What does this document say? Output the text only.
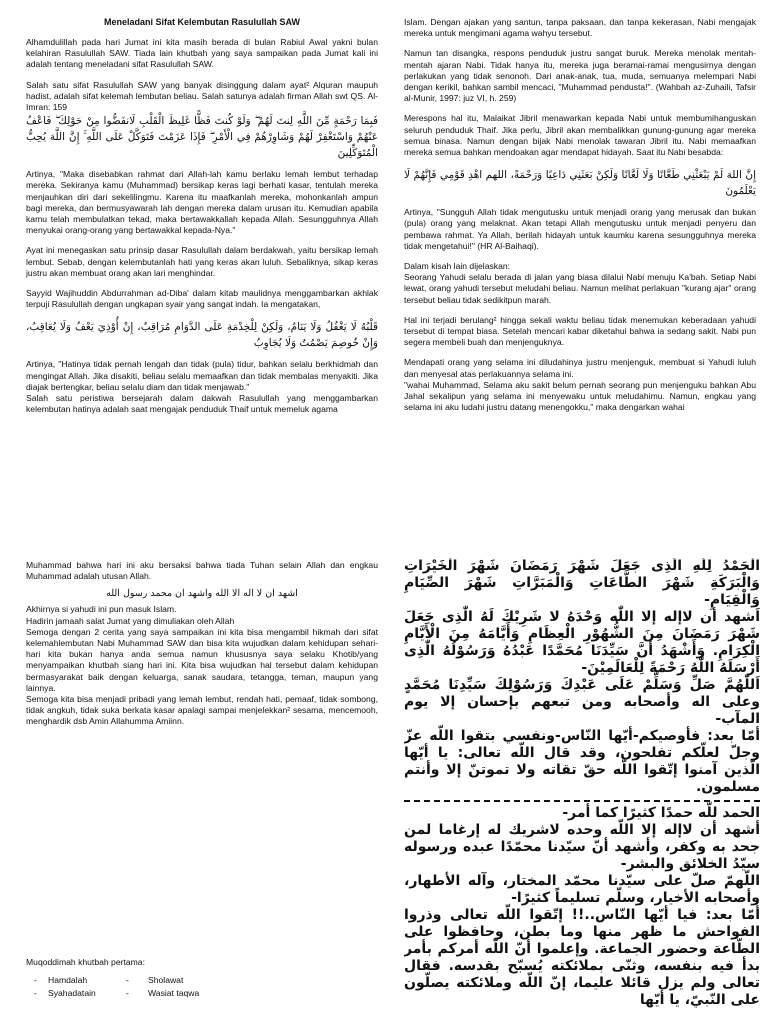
Meneladani Sifat Kelembutan Rasulullah SAW

Alhamdulillah pada hari Jumat ini kita masih berada di bulan Rabiul Awal yakni bulan kelahiran Rasulullah SAW. Tiada lain khutbah yang saya sampaikan pada Jumat kali ini adalah tentang meneladani sifat Rasulullah SAW.

Salah satu sifat Rasulullah SAW yang banyak disinggung dalam ayat² Alquran maupuh hadist, adalah sifat kelemah lembutan beliau. Salah satunya adalah firman Allah swt QS. Al-Imran: 159

فَبِمَا رَحْمَةٍ مِّنَ اللَّهِ لِنتَ لَهُمْ ۖ وَلَوْ كُنتَ فَظًّا غَلِيظَ الْقَلْبِ لَانفَضُّوا مِنْ حَوْلِكَ ۖ فَاعْفُ عَنْهُمْ وَاسْتَغْفِرْ لَهُمْ وَشَاوِرْهُمْ فِي الْأَمْرِ ۖ فَإِذَا عَزَمْتَ فَتَوَكَّلْ عَلَى اللَّهِ ۚ إِنَّ اللَّهَ يُحِبُّ الْمُتَوَكِّلِينَ

Artinya, "Maka disebabkan rahmat dari Allah-lah kamu berlaku lemah lembut terhadap mereka. Sekiranya kamu (Muhammad) bersikap keras lagi berhati kasar, tentulah mereka menjauhkan diri dari sekelilingmu. Karena itu maafkanlah mereka, mohonkanlah ampun bagi mereka, dan bermusyawarah lah dengan mereka dalam urusan itu. Kemudian apabila kamu telah membulatkan tekad, maka bertawakkallah kepada Allah. Sesungguhnya Allah menyukai orang-orang yang bertawakkal kepada-Nya."

Ayat ini menegaskan satu prinsip dasar Rasulullah dalam berdakwah, yaitu bersikap lemah lembut. Sebab, dengan kelembutanlah hati yang keras akan luluh. Sebaliknya, sikap keras justru akan membuat orang akan lari menghindar.

Sayyid Wajihuddin Abdurrahman ad-Diba' dalam kitab maulidnya menggambarkan akhlak terpuji Rasulullah dengan ungkapan syair yang sangat indah. Ia mengatakan,

قَلْبُهُ لَا يَغْفُلُ وَلَا يَنَامُ، وَلَكِنْ لِلْخِدْمَةِ عَلَى الدَّوَامِ مُرَاقِبٌ، إِنْ أُوْذِيَ يَعْفُ وَلَا يُعَاقِبُ، وَإِنْ خُوصِمَ يَصْمُتُ وَلَا يُجَاوِبُ

Artinya, "Hatinya tidak pernah lengah dan tidak (pula) tidur, bahkan selalu berkhidmah dan mengingat Allah. Jika disakiti, beliau selalu memaafkan dan tidak membalas menyakiti. Jika diajak bertengkar, beliau selalu diam dan tidak menjawab."

Salah satu peristiwa bersejarah dalam dakwah Rasulullah yang menggambarkan kelembutan hatinya adalah saat mengajak penduduk Thaif untuk memeluk agama

Islam. Dengan ajakan yang santun, tanpa paksaan, dan tanpa kekerasan, Nabi mengajak mereka untuk mengimani agama wahyu tersebut.

Namun tan disangka, respons penduduk justru sangat buruk. Mereka menolak mentah-mentah ajaran Nabi. Tidak hanya itu, mereka juga beramai-ramai mengusirnya dengan perlakukan yang tidak senonoh. Dari anak-anak, tua, muda, semuanya melempari Nabi dengan kerikil, bahkan sambil mencaci, "Muhammad pendusta!". (Wahbah az-Zuhaili, Tafsir al-Munir, 1997: juz VI, h. 259)

Merespons hal itu, Malaikat Jibril menawarkan kepada Nabi untuk membumihanguskan seluruh penduduk Thaif. Jika perlu, Jibril akan membalikkan gunung-gunung agar mereka semua binasa. Namun dengan bijak Nabi menolak tawaran Jibril itu. Nabi memaafkan mereka semua bahkan mendoakan agar mendapat hidayah. Saat itu Nabi besabda:

إِنَّ اللهَ لَمْ يَبْعَثْنِي طَعَّانًا وَلَا لَعَّانًا وَلَكِنْ بَعَثَنِي دَاعِيًا وَرَحْمَةً، اللهم اهْدِ قَوْمِي فَإِنَّهُمْ لَا يَعْلَمُونَ

Artinya, "Sungguh Allah tidak mengutusku untuk menjadi orang yang merusak dan bukan (pula) orang yang melaknat. Akan tetapi Allah mengutusku untuk menjadi penyeru dan pembawa rahmat. Ya Allah, berilah hidayah untuk kaumku karena sesungguhnya mereka tidak mengetahui!" (HR Al-Baihaqi).

Dalam kisah lain dijelaskan:

Seorang Yahudi selalu berada di jalan yang biasa dilalui Nabi menuju Ka'bah. Setiap Nabi lewat, orang yahudi tersebut meludahi beliau. Namun melihat perlakuan "kurang ajar" orang tersebut beliau tidak sedikitpun marah.

Hal ini terjadi berulang² hingga sekali waktu beliau tidak menemukan keberadaan yahudi tersebut di tempat biasa. Setelah mencari kabar diketahui bahwa ia sedang sakit. Nabi pun segera membeli buah dan menjenguknya.

Mendapati orang yang selama ini diludahinya justru menjenguk, membuat si Yahudi luluh dan menyesal atas perlakuannya selama ini.

"wahai Muhammad, Selama aku sakit belum pernah seorang pun menjenguku bahkan Abu Jahal sekalipun yang selama ini menyewaku untuk meludahimu. Namun, engkau yang selama ini aku ludahi justru datang menengokku," maka dengarkan wahai

Muhammad bahwa hari ini aku bersaksi bahwa tiada Tuhan selain Allah dan engkau Muhammad adalah utusan Allah.

اشهد ان لا اله الا الله واشهد ان محمد رسول الله

Akhirnya si yahudi ini pun masuk Islam.

Hadirin jamaah salat Jumat yang dimuliakan oleh Allah

Semoga dengan 2 cerita yang saya sampaikan ini kita bisa mengambil hikmah dari sifat kelemahlembutan Nabi Muhammad SAW dan bisa kita wujudkan dalam kehidupan sehari-hari kita bukan hanya anda semua namun khususnya saya selaku Khotib/yang menyampaikan khutbah siang hari ini. Kita bisa wujudkan hal tersebut dalam kehidupan bermasyarakat baik dengan keluarga, sanak saudara, tetangga, teman, maupun yang lainnya.

Semoga kita bisa menjadi pribadi yang lemah lembut, rendah hati, pemaaf, tidak sombong, tidak angkuh, tidak suka berkata kasar apalagi sampai menjelekkan² sesama, mencemooh, menghardik dsb Amin Allahumma Amiinn.

Muqoddimah khutbah pertama:

-	Hamdalah	-	Sholawat
-	Syahadatain	-	Wasiat taqwa

الْحَمْدُ لِلّٰهِ الّٰذِى جَعَلَ شَهْرَ رَمَضَانَ شَهْرَ الْخَيْرَاتِ وَالْبَرَكَةِ شَهْرَ الطَّاعَاتِ وَالْمَبَرَّاتِ شَهْرَ الصِّيَامِ وَالْقِيَامِ-

اَشهد أن لاإله إلا اللّٰه وَحْدَهُ لا شَرِيْكَ لَهُ الّٰذِى جَعَلَ شَهْرَ رَمَضَانَ مِنَ الشُّهُوْرِ الْعِظَامِ وَأَيَّامَهُ مِنَ الْأَيَّامِ الْكِرَامِ. وَأَشْهَدُ أَنَّ سَيِّدَنَا مُحَمَّدًا عَبْدُهُ وَرَسُوْلُهُ الّٰذِى أَرْسَلَهُ اللّٰهُ رَحْمَةً لِلْعَالَمِيْنَ-

اَللّٰهُمَّ صَلِّ وَسَلِّمْ عَلَى عَبْدِكَ وَرَسُوْلِكَ سَيِّدِنَا مُحَمَّدٍ وعلى اله وأصحابه ومن تبعهم بإحسان إلا يوم المآب-

أمّا بعد: فأوصيكم-أيّها النّاس-ونفسي بتقوا اللّه عزّ وجلّ لعلّكم تفلحون، وقد قال اللّه تعالى: يا أيّها الّذين آمنوا إتّقوا اللّه حقّ تقاته ولا تموتنّ إلا وأنتم مسلمون.

الحمد للّه حمدًا كثيرًا كما أمر-

أشهد أن لاإله إلا اللّه وحده لاشريك له إرغاما لمن جحد به وكفر، وأشهد أنّ سيّدنا محمّدًا عبده ورسوله سيّدُ الخلائق والبشر-

اللّهمّ صلّ على سيّدنا محمّد المختار، وآله الأطهار، وأصحابه الأخيار، وسلّم تسليماً كثيرًا-

أمّا بعد: فيا أيّها النّاس..!! إتّقوا اللّه تعالى وذروا الفواحش ما ظهر منها وما بطن، وحافظوا على الطّاعة وحضور الجماعة. وإعلموا أنّ اللّه أمركم بأمر بدأ فيه بنفسه، وثنّى بملائكته يُسبّح بقدسه. فقال تعالى ولم يزل قائلا عليما، إنّ اللّه وملائكته يصلّون على النّبيّ، يا أيّها
